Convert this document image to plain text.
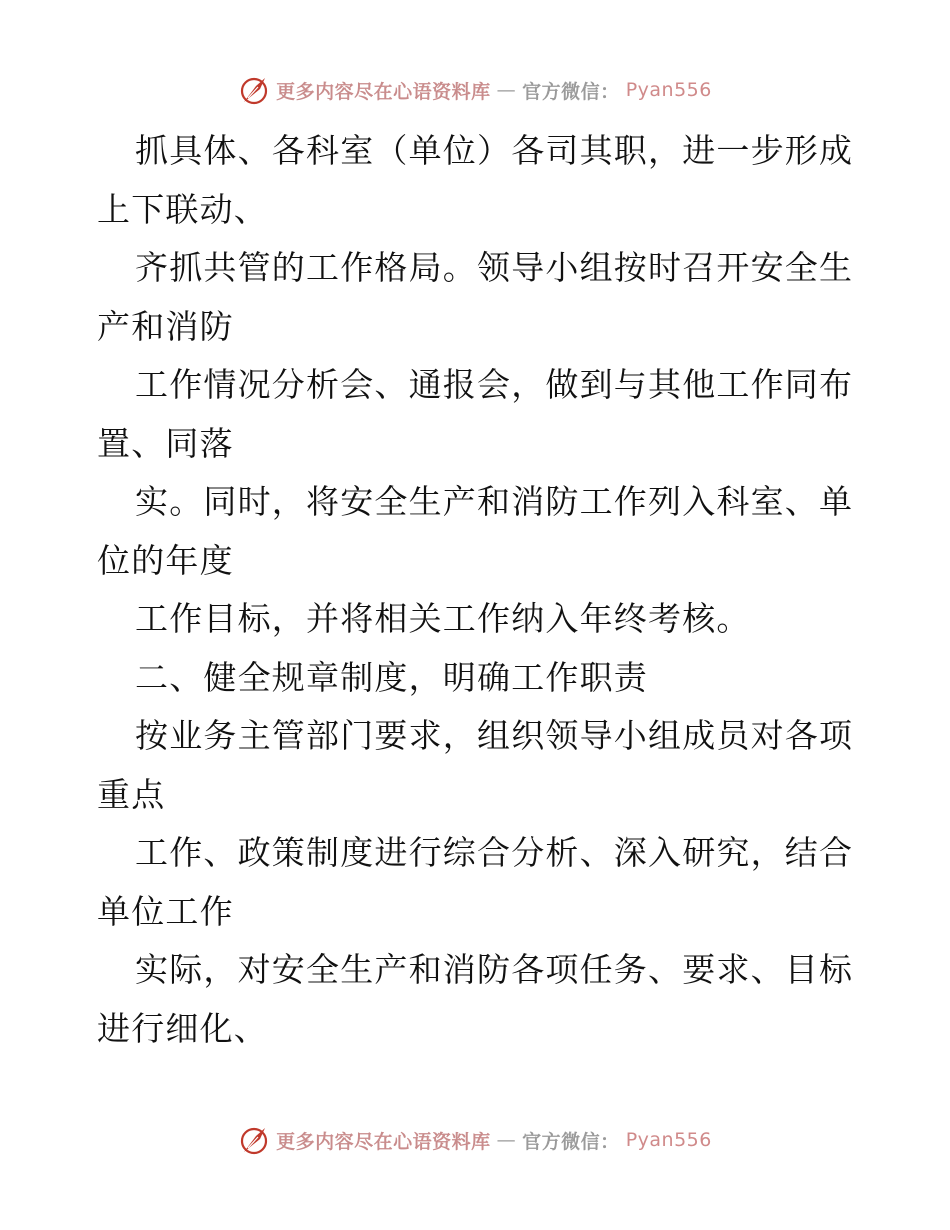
更多内容尽在心语资料库 — 官方微信： Pyan556
抓具体、各科室（单位）各司其职，进一步形成
上下联动、
齐抓共管的工作格局。领导小组按时召开安全生
产和消防
工作情况分析会、通报会，做到与其他工作同布
置、同落
实。同时，将安全生产和消防工作列入科室、单
位的年度
工作目标，并将相关工作纳入年终考核。
二、健全规章制度，明确工作职责
按业务主管部门要求，组织领导小组成员对各项
重点
工作、政策制度进行综合分析、深入研究，结合
单位工作
实际，对安全生产和消防各项任务、要求、目标
进行细化、
更多内容尽在心语资料库 — 官方微信： Pyan556
